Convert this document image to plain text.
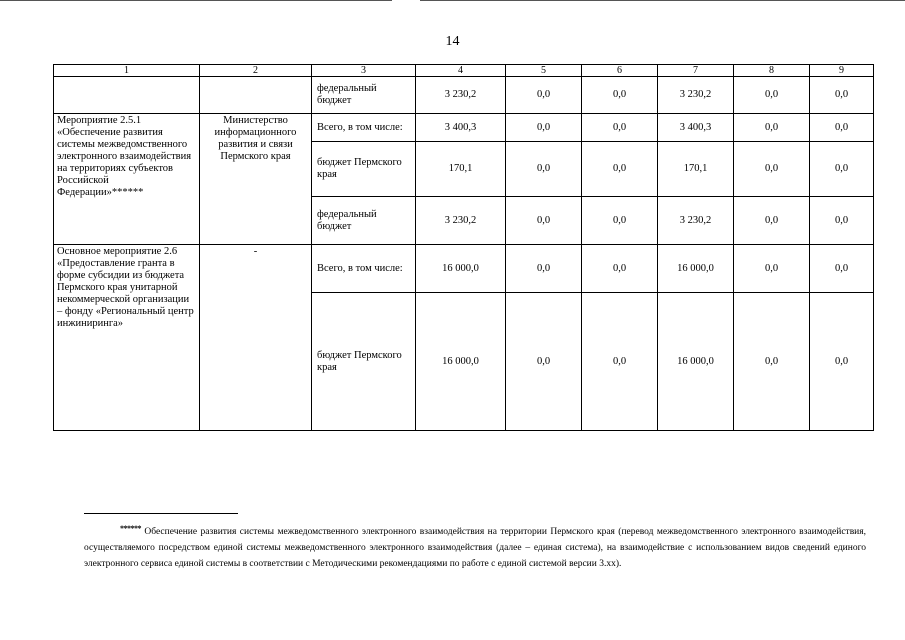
14
1	2	3	4	5	6	7	8	9
		федеральный бюджет	3 230,2	0,0	0,0	3 230,2	0,0	0,0
Мероприятие 2.5.1 «Обеспечение развития системы межведомственного электронного взаимодействия на территориях субъектов Российской Федерации»******	Министерство информационного развития и связи Пермского края	Всего, в том числе:	3 400,3	0,0	0,0	3 400,3	0,0	0,0
		бюджет Пермского края	170,1	0,0	0,0	170,1	0,0	0,0
		федеральный бюджет	3 230,2	0,0	0,0	3 230,2	0,0	0,0
Основное мероприятие 2.6 «Предоставление гранта в форме субсидии из бюджета Пермского края унитарной некоммерческой организации – фонду «Региональный центр инжиниринга»	-	Всего, в том числе:	16 000,0	0,0	0,0	16 000,0	0,0	0,0
		бюджет Пермского края	16 000,0	0,0	0,0	16 000,0	0,0	0,0
****** Обеспечение развития системы межведомственного электронного взаимодействия на территории Пермского края (перевод межведомственного электронного взаимодействия, осуществляемого посредством единой системы межведомственного электронного взаимодействия (далее – единая система), на взаимодействие с использованием видов сведений единого электронного сервиса единой системы в соответствии с Методическими рекомендациями по работе с единой системой версии 3.xx).
